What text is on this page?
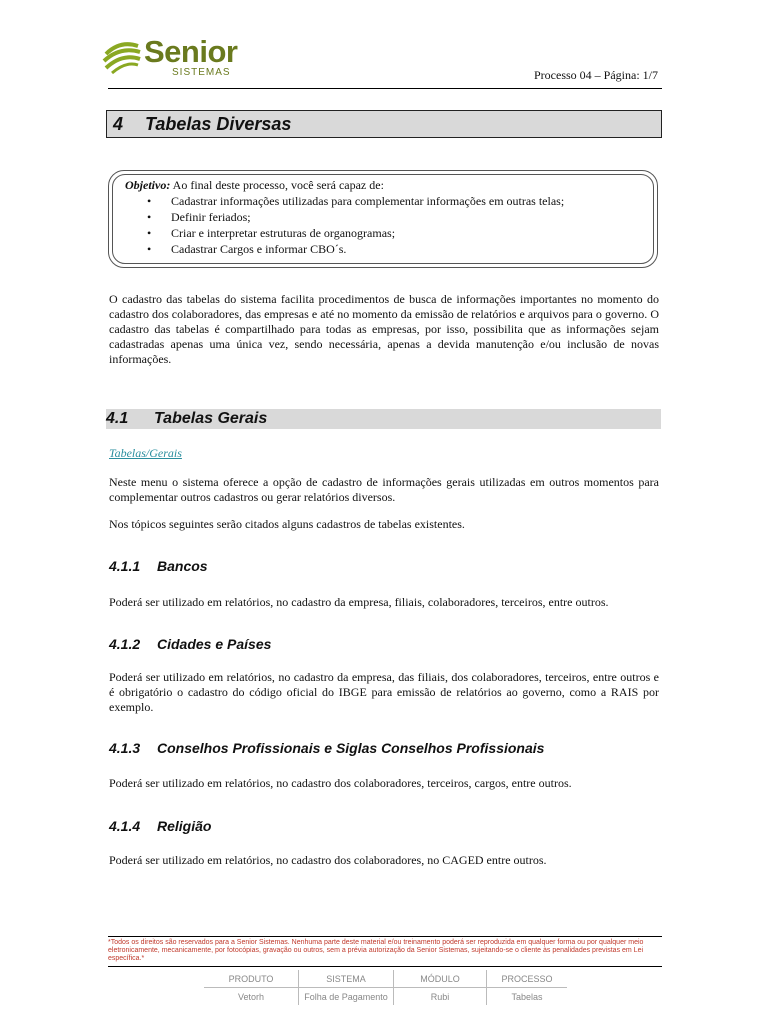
Senior
SISTEMAS	Processo 04 – Página: 1/7
4 Tabelas Diversas
Objetivo: Ao final deste processo, você será capaz de:
• Cadastrar informações utilizadas para complementar informações em outras telas;
• Definir feriados;
• Criar e interpretar estruturas de organogramas;
• Cadastrar Cargos e informar CBO´s.
O cadastro das tabelas do sistema facilita procedimentos de busca de informações importantes no momento do cadastro dos colaboradores, das empresas e até no momento da emissão de relatórios e arquivos para o governo. O cadastro das tabelas é compartilhado para todas as empresas, por isso, possibilita que as informações sejam cadastradas apenas uma única vez, sendo necessária, apenas a devida manutenção e/ou inclusão de novas informações.
4.1 Tabelas Gerais
Tabelas/Gerais
Neste menu o sistema oferece a opção de cadastro de informações gerais utilizadas em outros momentos para complementar outros cadastros ou gerar relatórios diversos.
Nos tópicos seguintes serão citados alguns cadastros de tabelas existentes.
4.1.1 Bancos
Poderá ser utilizado em relatórios, no cadastro da empresa, filiais, colaboradores, terceiros, entre outros.
4.1.2 Cidades e Países
Poderá ser utilizado em relatórios, no cadastro da empresa, das filiais, dos colaboradores, terceiros, entre outros e é obrigatório o cadastro do código oficial do IBGE para emissão de relatórios ao governo, como a RAIS por exemplo.
4.1.3 Conselhos Profissionais e Siglas Conselhos Profissionais
Poderá ser utilizado em relatórios, no cadastro dos colaboradores, terceiros, cargos, entre outros.
4.1.4 Religião
Poderá ser utilizado em relatórios, no cadastro dos colaboradores, no CAGED entre outros.
*Todos os direitos são reservados para a Senior Sistemas. Nenhuma parte deste material e/ou treinamento poderá ser reproduzida em qualquer forma ou por qualquer meio eletronicamente, mecanicamente, por fotocópias, gravação ou outros, sem a prévia autorização da Senior Sistemas, sujeitando-se o cliente às penalidades previstas em Lei específica.*
PRODUTO	SISTEMA	MÓDULO	PROCESSO
Vetorh	Folha de Pagamento	Rubi	Tabelas
